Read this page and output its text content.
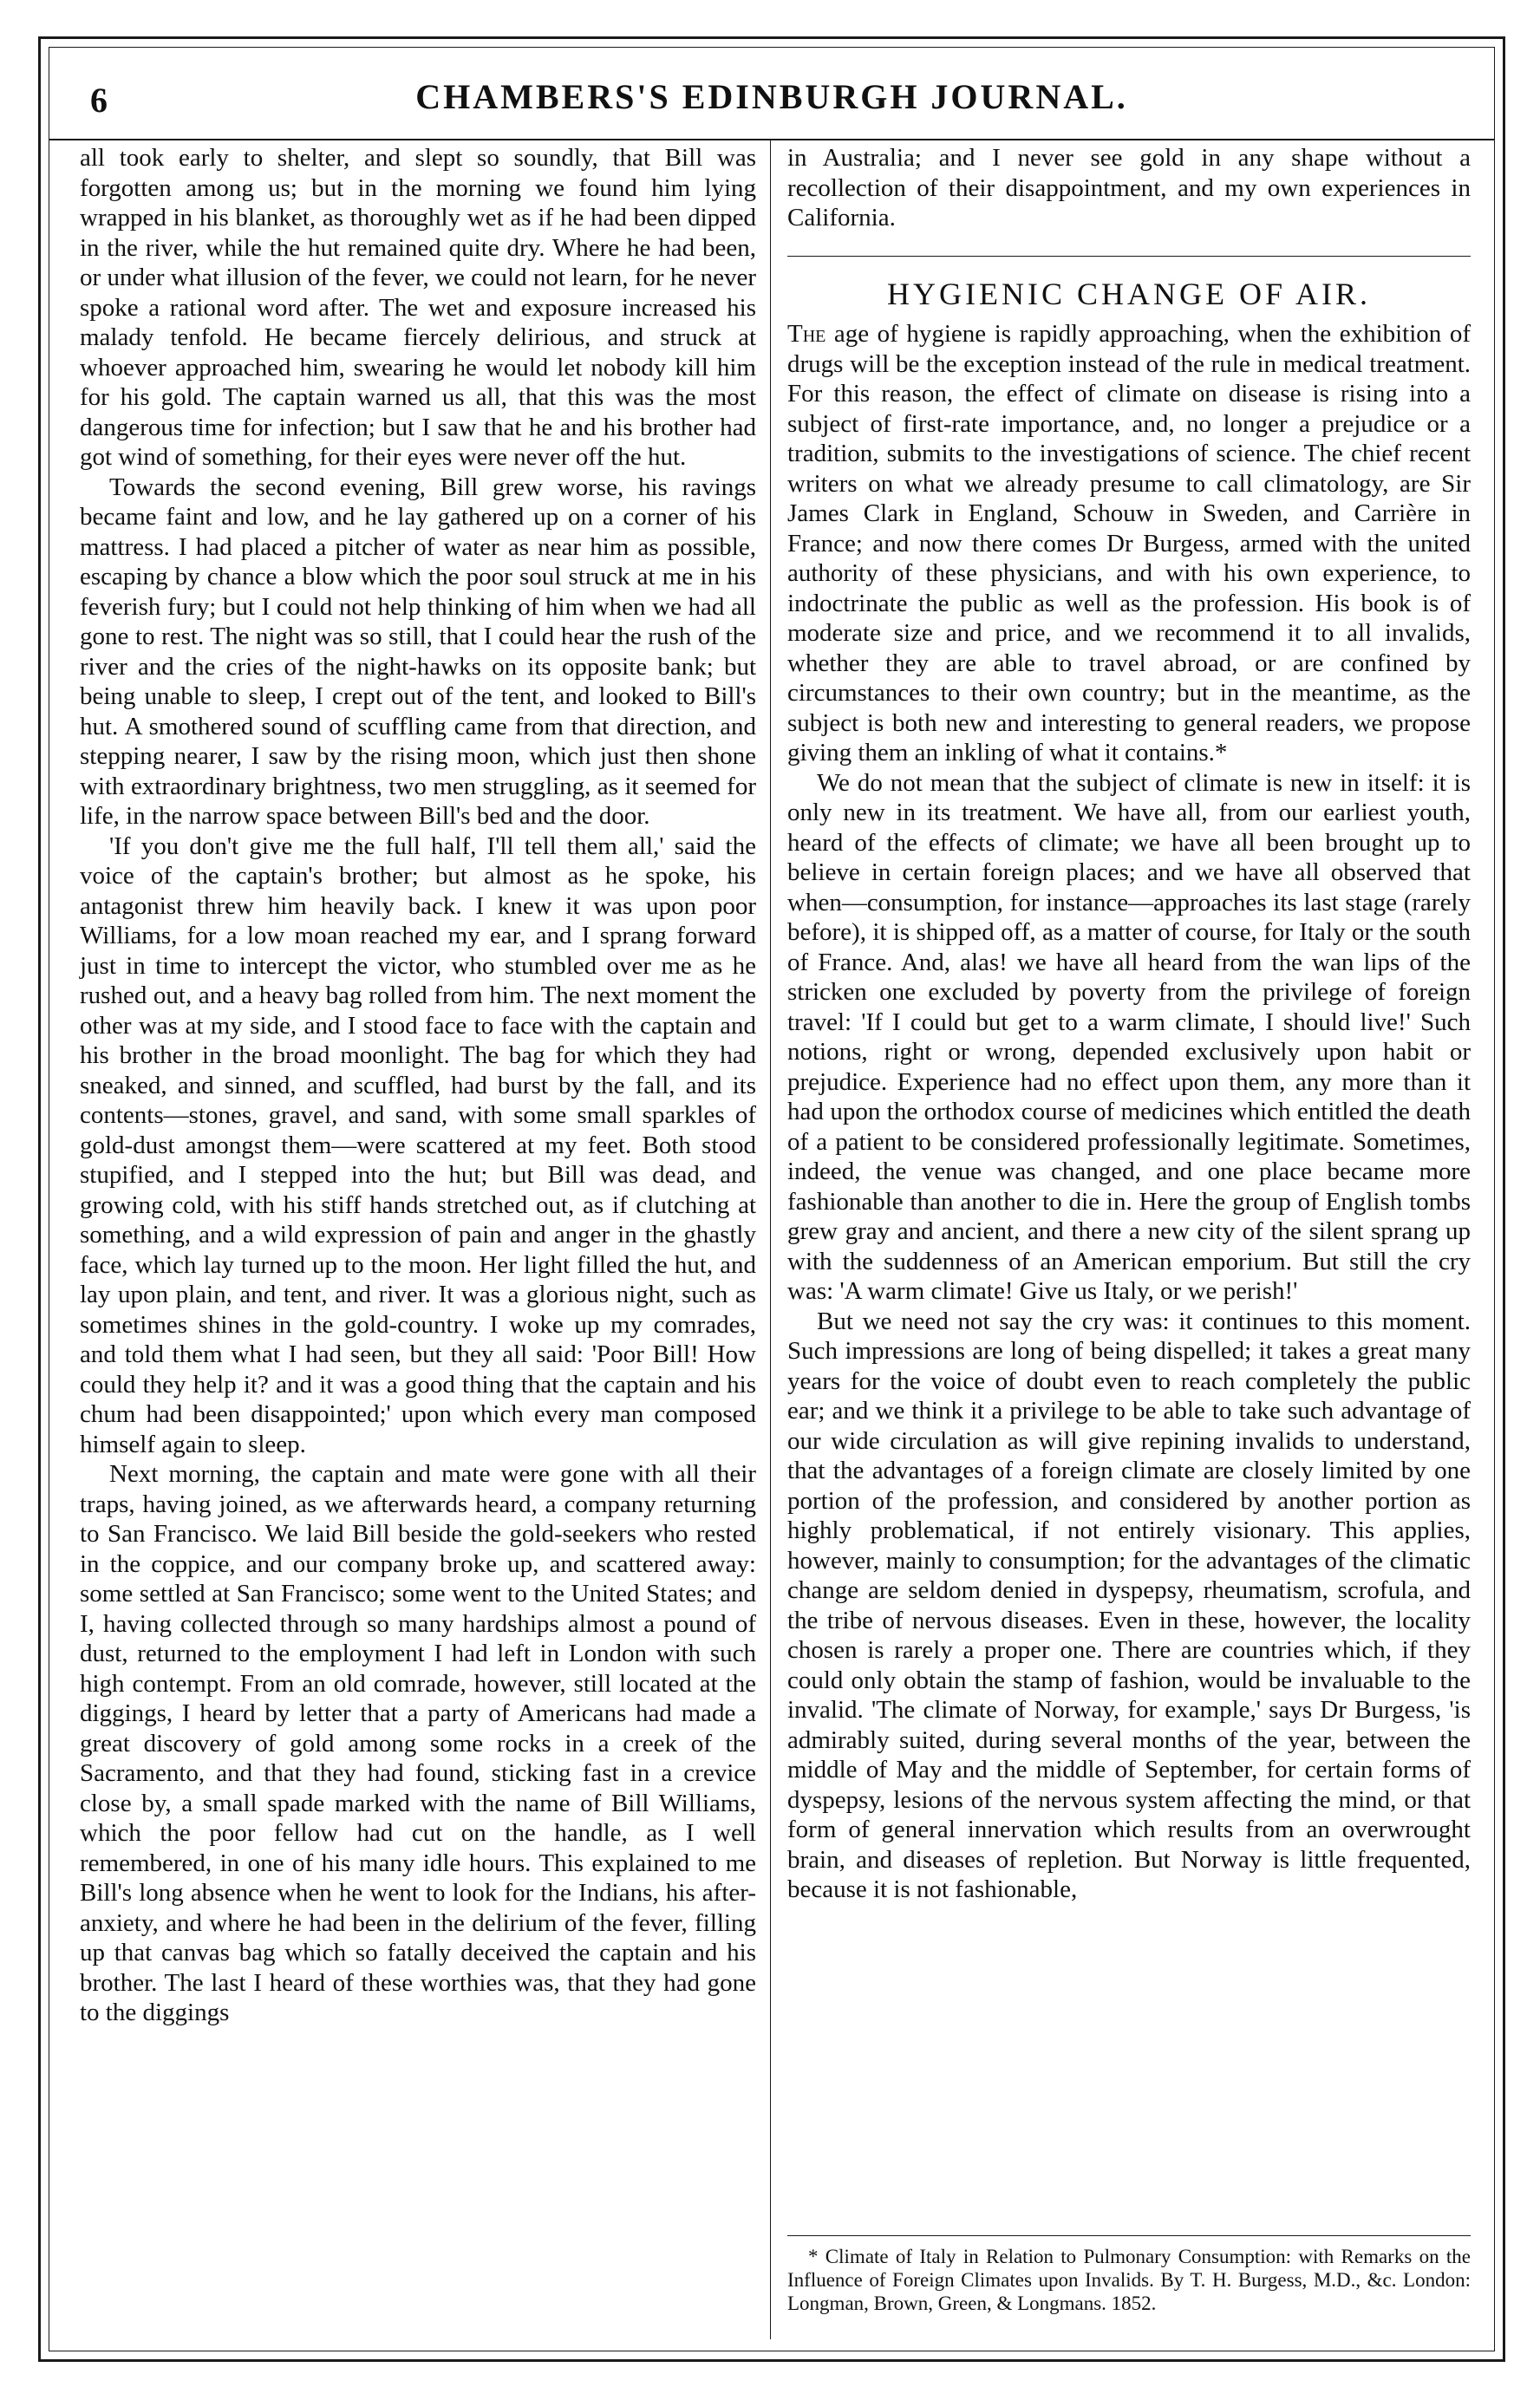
6	CHAMBERS'S EDINBURGH JOURNAL.

all took early to shelter, and slept so soundly, that Bill was forgotten among us; but in the morning we found him lying wrapped in his blanket, as thoroughly wet as if he had been dipped in the river, while the hut remained quite dry. Where he had been, or under what illusion of the fever, we could not learn, for he never spoke a rational word after. The wet and exposure increased his malady tenfold. He became fiercely delirious, and struck at whoever approached him, swearing he would let nobody kill him for his gold. The captain warned us all, that this was the most dangerous time for infection; but I saw that he and his brother had got wind of something, for their eyes were never off the hut.

Towards the second evening, Bill grew worse, his ravings became faint and low, and he lay gathered up on a corner of his mattress. I had placed a pitcher of water as near him as possible, escaping by chance a blow which the poor soul struck at me in his feverish fury; but I could not help thinking of him when we had all gone to rest. The night was so still, that I could hear the rush of the river and the cries of the night-hawks on its opposite bank; but being unable to sleep, I crept out of the tent, and looked to Bill's hut. A smothered sound of scuffling came from that direction, and stepping nearer, I saw by the rising moon, which just then shone with extraordinary brightness, two men struggling, as it seemed for life, in the narrow space between Bill's bed and the door.

'If you don't give me the full half, I'll tell them all,' said the voice of the captain's brother; but almost as he spoke, his antagonist threw him heavily back. I knew it was upon poor Williams, for a low moan reached my ear, and I sprang forward just in time to intercept the victor, who stumbled over me as he rushed out, and a heavy bag rolled from him. The next moment the other was at my side, and I stood face to face with the captain and his brother in the broad moonlight. The bag for which they had sneaked, and sinned, and scuffled, had burst by the fall, and its contents—stones, gravel, and sand, with some small sparkles of gold-dust amongst them—were scattered at my feet. Both stood stupified, and I stepped into the hut; but Bill was dead, and growing cold, with his stiff hands stretched out, as if clutching at something, and a wild expression of pain and anger in the ghastly face, which lay turned up to the moon. Her light filled the hut, and lay upon plain, and tent, and river. It was a glorious night, such as sometimes shines in the gold-country. I woke up my comrades, and told them what I had seen, but they all said: 'Poor Bill! How could they help it? and it was a good thing that the captain and his chum had been disappointed;' upon which every man composed himself again to sleep.

Next morning, the captain and mate were gone with all their traps, having joined, as we afterwards heard, a company returning to San Francisco. We laid Bill beside the gold-seekers who rested in the coppice, and our company broke up, and scattered away: some settled at San Francisco; some went to the United States; and I, having collected through so many hardships almost a pound of dust, returned to the employment I had left in London with such high contempt. From an old comrade, however, still located at the diggings, I heard by letter that a party of Americans had made a great discovery of gold among some rocks in a creek of the Sacramento, and that they had found, sticking fast in a crevice close by, a small spade marked with the name of Bill Williams, which the poor fellow had cut on the handle, as I well remembered, in one of his many idle hours. This explained to me Bill's long absence when he went to look for the Indians, his after-anxiety, and where he had been in the delirium of the fever, filling up that canvas bag which so fatally deceived the captain and his brother. The last I heard of these worthies was, that they had gone to the diggings

in Australia; and I never see gold in any shape without a recollection of their disappointment, and my own experiences in California.

HYGIENIC CHANGE OF AIR.

The age of hygiene is rapidly approaching, when the exhibition of drugs will be the exception instead of the rule in medical treatment. For this reason, the effect of climate on disease is rising into a subject of first-rate importance, and, no longer a prejudice or a tradition, submits to the investigations of science. The chief recent writers on what we already presume to call climatology, are Sir James Clark in England, Schouw in Sweden, and Carrière in France; and now there comes Dr Burgess, armed with the united authority of these physicians, and with his own experience, to indoctrinate the public as well as the profession. His book is of moderate size and price, and we recommend it to all invalids, whether they are able to travel abroad, or are confined by circumstances to their own country; but in the meantime, as the subject is both new and interesting to general readers, we propose giving them an inkling of what it contains.*

We do not mean that the subject of climate is new in itself: it is only new in its treatment. We have all, from our earliest youth, heard of the effects of climate; we have all been brought up to believe in certain foreign places; and we have all observed that when—consumption, for instance—approaches its last stage (rarely before), it is shipped off, as a matter of course, for Italy or the south of France. And, alas! we have all heard from the wan lips of the stricken one excluded by poverty from the privilege of foreign travel: 'If I could but get to a warm climate, I should live!' Such notions, right or wrong, depended exclusively upon habit or prejudice. Experience had no effect upon them, any more than it had upon the orthodox course of medicines which entitled the death of a patient to be considered professionally legitimate. Sometimes, indeed, the venue was changed, and one place became more fashionable than another to die in. Here the group of English tombs grew gray and ancient, and there a new city of the silent sprang up with the suddenness of an American emporium. But still the cry was: 'A warm climate! Give us Italy, or we perish!'

But we need not say the cry was: it continues to this moment. Such impressions are long of being dispelled; it takes a great many years for the voice of doubt even to reach completely the public ear; and we think it a privilege to be able to take such advantage of our wide circulation as will give repining invalids to understand, that the advantages of a foreign climate are closely limited by one portion of the profession, and considered by another portion as highly problematical, if not entirely visionary. This applies, however, mainly to consumption; for the advantages of the climatic change are seldom denied in dyspepsy, rheumatism, scrofula, and the tribe of nervous diseases. Even in these, however, the locality chosen is rarely a proper one. There are countries which, if they could only obtain the stamp of fashion, would be invaluable to the invalid. 'The climate of Norway, for example,' says Dr Burgess, 'is admirably suited, during several months of the year, between the middle of May and the middle of September, for certain forms of dyspepsy, lesions of the nervous system affecting the mind, or that form of general innervation which results from an overwrought brain, and diseases of repletion. But Norway is little frequented, because it is not fashionable,

* Climate of Italy in Relation to Pulmonary Consumption: with Remarks on the Influence of Foreign Climates upon Invalids. By T. H. Burgess, M.D., &c. London: Longman, Brown, Green, & Longmans. 1852.
